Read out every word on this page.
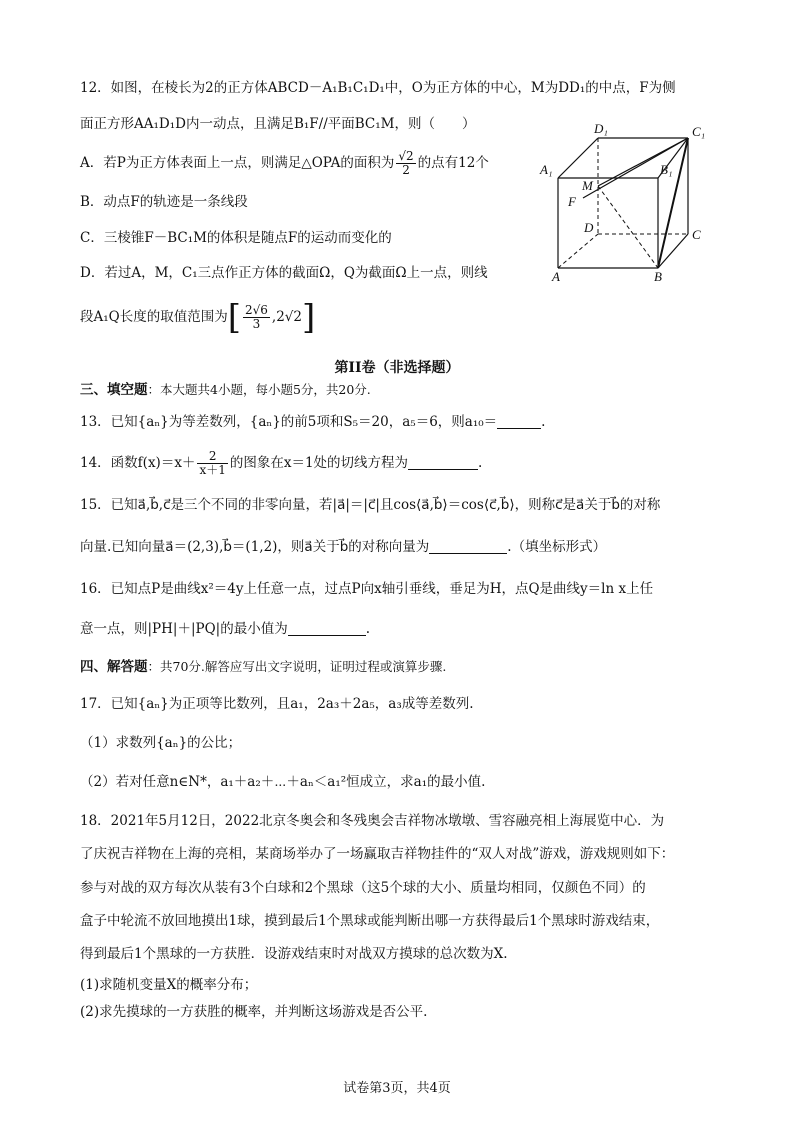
12．如图，在棱长为2的正方体ABCD－A₁B₁C₁D₁中，O为正方体的中心，M为DD₁的中点，F为侧
面正方形AA₁D₁D内一动点，且满足B₁F//平面BC₁M，则（　　）
A．若P为正方体表面上一点，则满足△OPA的面积为 $\frac{√2}{2}$ 的点有12个
B．动点F的轨迹是一条线段
C．三棱锥F－BC₁M的体积是随点F的运动而变化的
D．若过A，M，C₁三点作正方体的截面Ω，Q为截面Ω上一点，则线
段A₁Q长度的取值范围为[ $\frac{2√6}{3} ,2√2$]
D₁	C₁
A₁	B₁
M
F
D	C
A	B
第II卷（非选择题）
三、填空题：本大题共4小题，每小题5分，共20分.
13．已知{aₙ}为等差数列，{aₙ}的前5项和S₅＝20，a₅＝6，则a₁₀＝	.
14．函数$f(x)=x+ \frac{2}{x+1}$ 的图象在x＝1处的切线方程为	.
15．已知a⃗,b⃗,c⃗是三个不同的非零向量，若|a⃗|＝|c⃗|且cos⟨a⃗,b⃗⟩＝cos⟨c⃗,b⃗⟩，则称c⃗是a⃗关于b⃗的对称
向量.已知向量a⃗＝(2,3),b⃗＝(1,2)，则a⃗关于b⃗的对称向量为	.（填坐标形式）
16．已知点P是曲线x²＝4y上任意一点，过点P向x轴引垂线，垂足为H，点Q是曲线y＝ln x上任
意一点，则|PH|＋|PQ|的最小值为	.
四、解答题：共70分.解答应写出文字说明，证明过程或演算步骤.
17．已知{aₙ}为正项等比数列，且a₁，2a₃＋2a₅，a₃成等差数列.
（1）求数列{aₙ}的公比；
（2）若对任意n∈N*，a₁＋a₂＋⋯＋aₙ＜a₁²恒成立，求a₁的最小值.
18．2021年5月12日，2022北京冬奥会和冬残奥会吉祥物冰墩墩、雪容融亮相上海展览中心．为
了庆祝吉祥物在上海的亮相，某商场举办了一场赢取吉祥物挂件的“双人对战”游戏，游戏规则如下：
参与对战的双方每次从装有3个白球和2个黑球（这5个球的大小、质量均相同，仅颜色不同）的
盒子中轮流不放回地摸出1球，摸到最后1个黑球或能判断出哪一方获得最后1个黑球时游戏结束，
得到最后1个黑球的一方获胜．设游戏结束时对战双方摸球的总次数为X.
(1)求随机变量X的概率分布；
(2)求先摸球的一方获胜的概率，并判断这场游戏是否公平.
试卷第3页，共4页
